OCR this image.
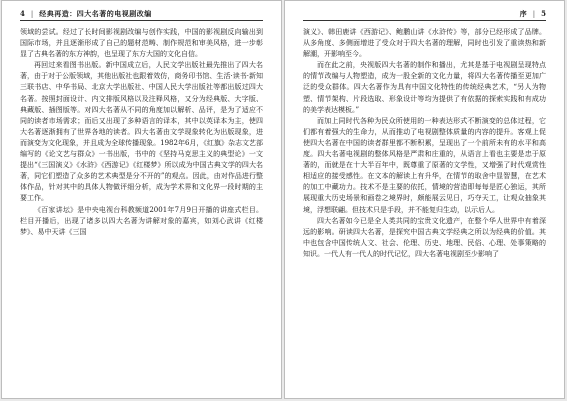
4 | 经典再造：四大名著的电视剧改编

领域的尝试。经过了长时间影视剧改编与创作实践，中国的影视剧反向输出到国际市场，并且逐渐形成了自己的题材范畴、制作规范和审美风格，进一步彰显了古典名著的东方神韵，也呈现了东方大国的文化自信。

再回过来看图书出版。新中国成立后，人民文学出版社最先推出了四大名著，由于对于公版领域，其他出版社也跟着效仿，商务印书馆、生活·读书·新知三联书店、中华书局、北京大学出版社、中国人民大学出版社等都出版过四大名著。按照封面设计、内文排版风格以及注释风格，又分为经典版、大字版、典藏版、插图版等。对四大名著从不同的角度加以解析、品评，是为了适应不同的读者市场需求；而后又出现了多种语言的译本，其中以英译本为主，使四大名著逐渐拥有了世界各地的读者。四大名著由文学现象转化为出版现象，进而演变为文化现象，并且成为全球传播现象。1982年6月，《红旗》杂志文艺部编写的《论文艺与群众》一书出版，书中的《坚持马克思主义的典型论》一文提出“《三国演义》《水浒》《西游记》《红楼梦》所以成为中国古典文学的四大名著，同它们塑造了众多的艺术典型是分不开的”的观点。因此，由对作品进行整体作品，针对其中的具体人物做评细分析，成为学术界和文化界一段时期的主要工作。

《百家讲坛》是中央电视台科教频道2001年7月9日开播的讲座式栏目。栏目开播后，出现了诸多以四大名著为讲解对象的嘉宾，如刘心武讲《红楼梦》、易中天讲《三国

序 | 5

演义》、韩田鹿讲《西游记》、鲍鹏山讲《水浒传》等，部分已经形成了品牌。从多角度、多侧面增进了受众对于四大名著的理解，同时也引发了重读热和新解潮，开影响至今。

而在此之前，央视版四大名著的制作和播出，尤其是基于电视剧呈现特点的情节改编与人物塑造，成为一股全新的文化力量，将四大名著传播至更加广泛的受众群体。四大名著作为具有中国文化特性的传统经典艺术，“另人为物塑、情节架构、片段选取、形象设计等均为提供了有依据的探索实践和有成功的美学表达模板。”

而加上同时代各种为民众所使用的一种表达形式不断演变的总体过程，它们都有着强大的生命力，从而推动了电视剧整体质量的内容的提升。客观上促使四大名著在中国的读者群里都不断积累，呈现出了一个前所未有的水平和高度。四大名著电视剧的整体风格是严肃和庄重的，从语言上看也主要是忠于原著的，而就是在十大半百年中，既尊重了原著的文学性，又增强了时代观赏性相适应的接受感性。在文本的解读上有升华，在情节的取舍中显智慧，在艺术的加工中藏功力。技术不是主要的依托，情境的营造即每每是匠心独运，其所展现重大历史场景和画卷之境界时，颇能展云见日，巧夺天工，让观众抽象其境，浮想联翩。但技术只是手段，并不能复归生动，以示后人。

四大名著如今已是全人类共同的宝贵文化遗产，在整个华人世界中有着深远的影响。研读四大名著，是探究中国古典文学经典之所以为经典的价值。其中也包含中国传统人文、社会、伦理、历史、地理、民俗、心理、处事策略的知识。一代人有一代人的时代记忆，四大名著电视剧至少影响了
